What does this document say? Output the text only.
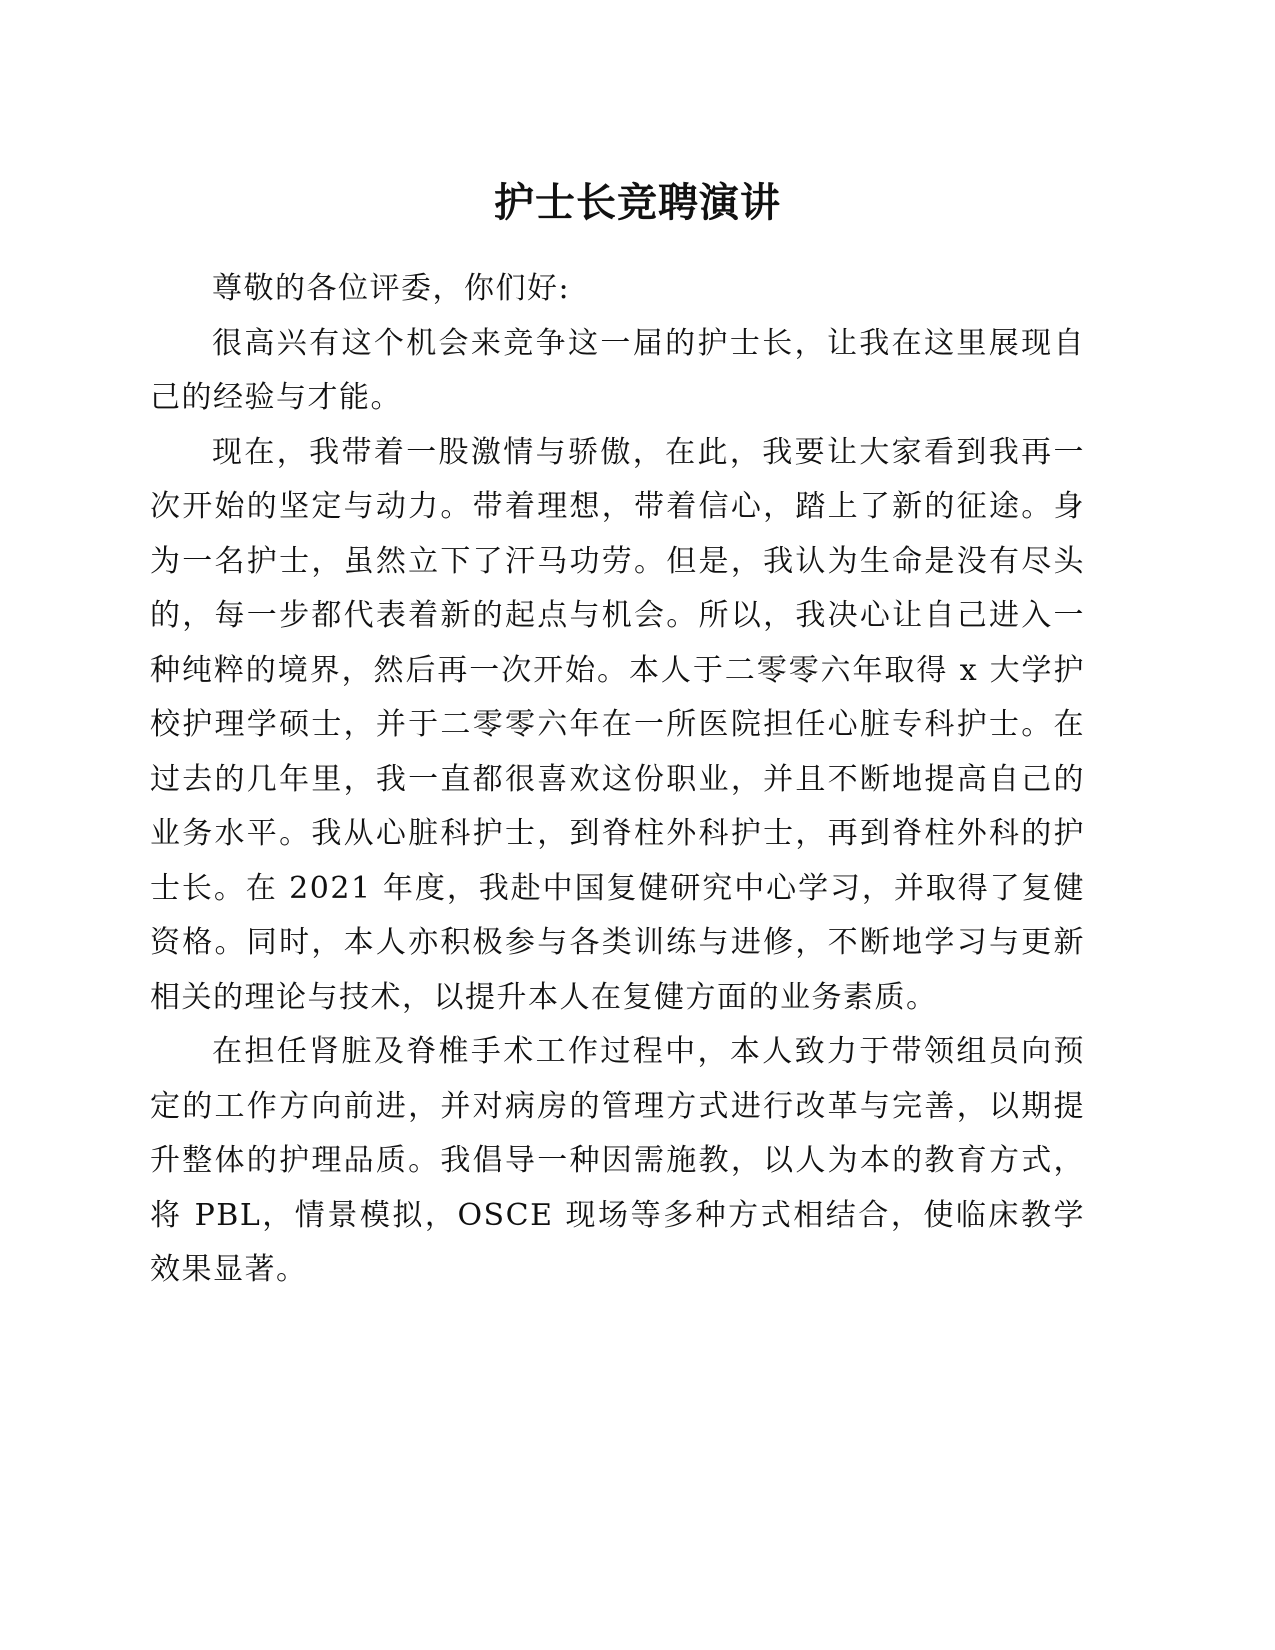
护士长竞聘演讲

尊敬的各位评委，你们好:

很高兴有这个机会来竞争这一届的护士长，让我在这里展现自己的经验与才能。

现在，我带着一股激情与骄傲，在此，我要让大家看到我再一次开始的坚定与动力。带着理想，带着信心，踏上了新的征途。身为一名护士，虽然立下了汗马功劳。但是，我认为生命是没有尽头的，每一步都代表着新的起点与机会。所以，我决心让自己进入一种纯粹的境界，然后再一次开始。本人于二零零六年取得 x 大学护校护理学硕士，并于二零零六年在一所医院担任心脏专科护士。在过去的几年里，我一直都很喜欢这份职业，并且不断地提高自己的业务水平。我从心脏科护士，到脊柱外科护士，再到脊柱外科的护士长。在 2021 年度，我赴中国复健研究中心学习，并取得了复健资格。同时，本人亦积极参与各类训练与进修，不断地学习与更新相关的理论与技术，以提升本人在复健方面的业务素质。

在担任肾脏及脊椎手术工作过程中，本人致力于带领组员向预定的工作方向前进，并对病房的管理方式进行改革与完善，以期提升整体的护理品质。我倡导一种因需施教，以人为本的教育方式，将 PBL，情景模拟，OSCE 现场等多种方式相结合，使临床教学效果显著。
